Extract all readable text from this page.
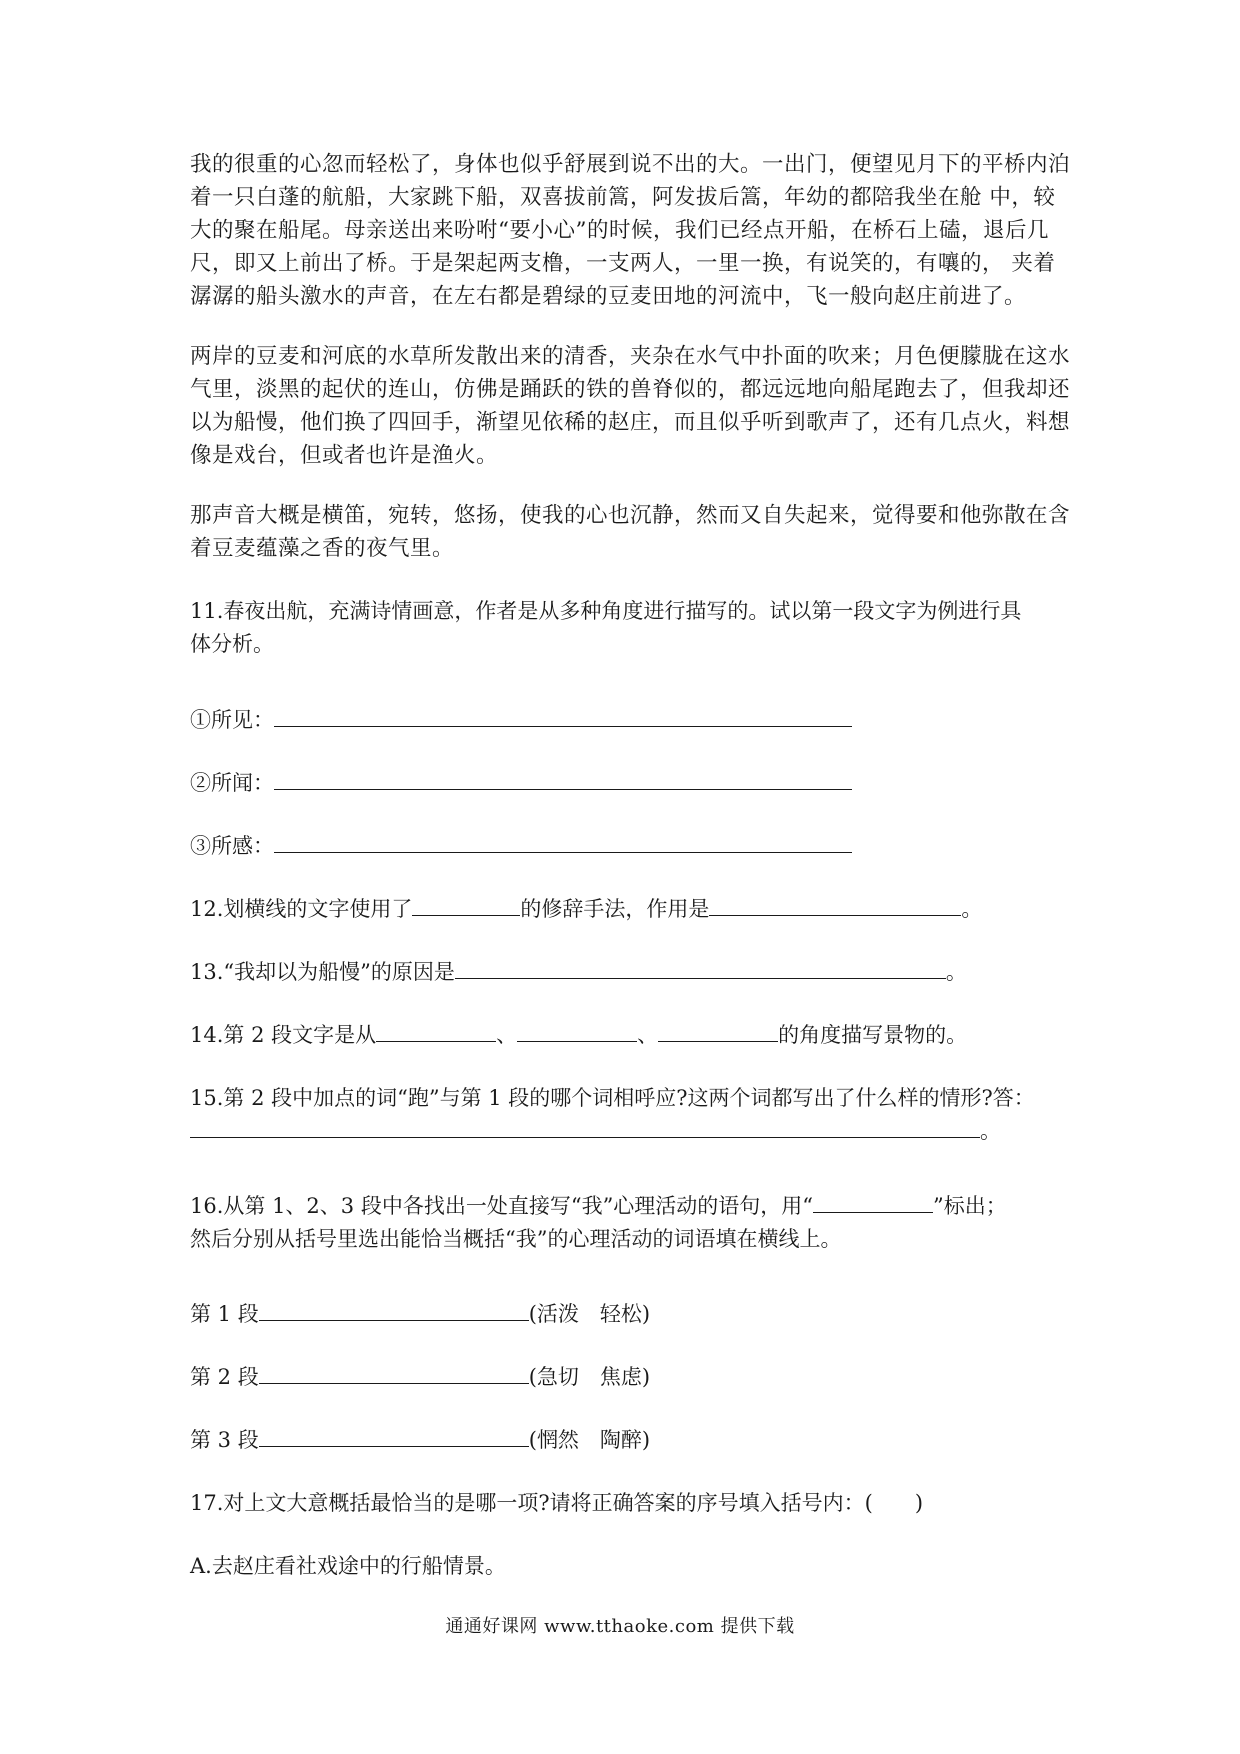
我的很重的心忽而轻松了，身体也似乎舒展到说不出的大。一出门，便望见月下的平桥内泊
着一只白蓬的航船，大家跳下船，双喜拔前篙，阿发拔后篙，年幼的都陪我坐在舱 中，较
大的聚在船尾。母亲送出来吩咐“要小心”的时候，我们已经点开船，在桥石上磕，退后几
尺，即又上前出了桥。于是架起两支橹，一支两人，一里一换，有说笑的，有嚷的， 夹着
潺潺的船头激水的声音，在左右都是碧绿的豆麦田地的河流中，飞一般向赵庄前进了。
两岸的豆麦和河底的水草所发散出来的清香，夹杂在水气中扑面的吹来；月色便朦胧在这水
气里，淡黑的起伏的连山，仿佛是踊跃的铁的兽脊似的，都远远地向船尾跑去了，但我却还
以为船慢，他们换了四回手，渐望见依稀的赵庄，而且似乎听到歌声了，还有几点火，料想
像是戏台，但或者也许是渔火。
那声音大概是横笛，宛转，悠扬，使我的心也沉静，然而又自失起来，觉得要和他弥散在含
着豆麦蕴藻之香的夜气里。
11.春夜出航，充满诗情画意，作者是从多种角度进行描写的。试以第一段文字为例进行具
体分析。
①所见：
②所闻：
③所感：
12.划横线的文字使用了	的修辞手法，作用是	。
13.“我却以为船慢”的原因是	。
14.第 2 段文字是从	、	、	的角度描写景物的。
15.第 2 段中加点的词“跑”与第 1 段的哪个词相呼应?这两个词都写出了什么样的情形?答：
。
16.从第 1、2、3 段中各找出一处直接写“我”心理活动的语句，用“	”标出；
然后分别从括号里选出能恰当概括“我”的心理活动的词语填在横线上。
第 1 段	(活泼　轻松)
第 2 段	(急切　焦虑)
第 3 段	(惘然　陶醉)
17.对上文大意概括最恰当的是哪一项?请将正确答案的序号填入括号内：(　　)
A.去赵庄看社戏途中的行船情景。
通通好课网 www.tthaoke.com 提供下载
